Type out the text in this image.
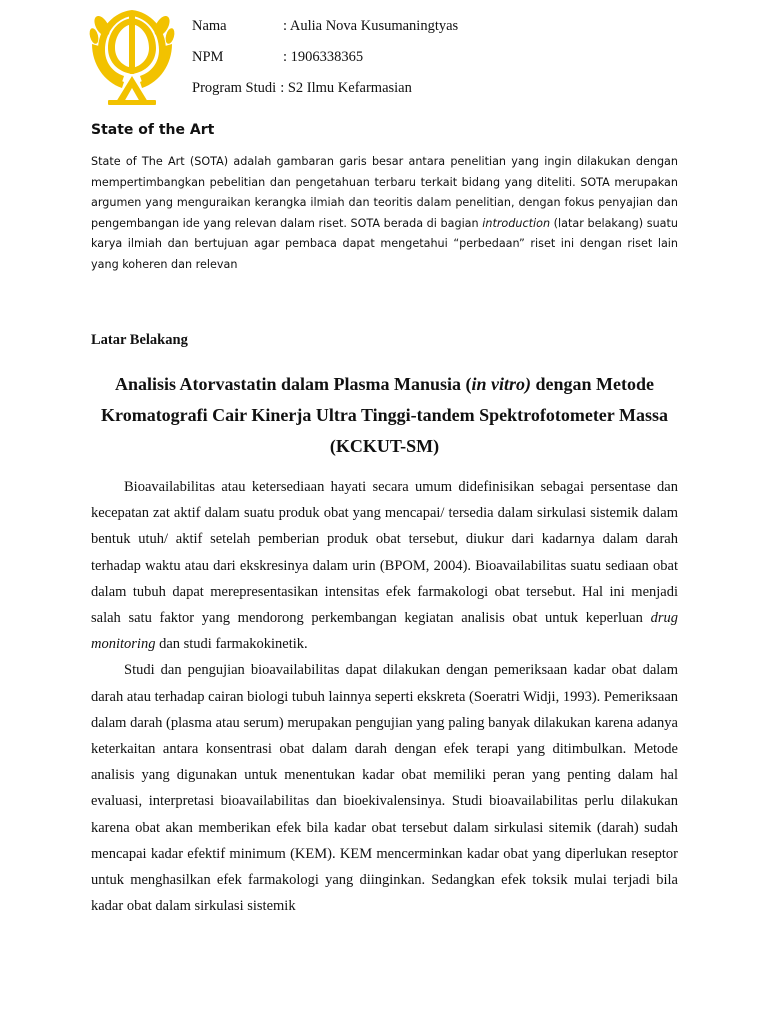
Nama	: Aulia Nova Kusumaningtyas
NPM	: 1906338365
Program Studi : S2 Ilmu Kefarmasian
State of the Art
State of The Art (SOTA) adalah gambaran garis besar antara penelitian yang ingin dilakukan dengan mempertimbangkan pebelitian dan pengetahuan terbaru terkait bidang yang diteliti. SOTA merupakan argumen yang menguraikan kerangka ilmiah dan teoritis dalam penelitian, dengan fokus penyajian dan pengembangan ide yang relevan dalam riset. SOTA berada di bagian introduction (latar belakang) suatu karya ilmiah dan bertujuan agar pembaca dapat mengetahui “perbedaan” riset ini dengan riset lain yang koheren dan relevan
Latar Belakang
Analisis Atorvastatin dalam Plasma Manusia (in vitro) dengan Metode Kromatografi Cair Kinerja Ultra Tinggi-tandem Spektrofotometer Massa (KCKUT-SM)

Bioavailabilitas atau ketersediaan hayati secara umum didefinisikan sebagai persentase dan kecepatan zat aktif dalam suatu produk obat yang mencapai/ tersedia dalam sirkulasi sistemik dalam bentuk utuh/ aktif setelah pemberian produk obat tersebut, diukur dari kadarnya dalam darah terhadap waktu atau dari ekskresinya dalam urin (BPOM, 2004). Bioavailabilitas suatu sediaan obat dalam tubuh dapat merepresentasikan intensitas efek farmakologi obat tersebut. Hal ini menjadi salah satu faktor yang mendorong perkembangan kegiatan analisis obat untuk keperluan drug monitoring dan studi farmakokinetik.

Studi dan pengujian bioavailabilitas dapat dilakukan dengan pemeriksaan kadar obat dalam darah atau terhadap cairan biologi tubuh lainnya seperti ekskreta (Soeratri Widji, 1993). Pemeriksaan dalam darah (plasma atau serum) merupakan pengujian yang paling banyak dilakukan karena adanya keterkaitan antara konsentrasi obat dalam darah dengan efek terapi yang ditimbulkan. Metode analisis yang digunakan untuk menentukan kadar obat memiliki peran yang penting dalam hal evaluasi, interpretasi bioavailabilitas dan bioekivalensinya. Studi bioavailabilitas perlu dilakukan karena obat akan memberikan efek bila kadar obat tersebut dalam sirkulasi sitemik (darah) sudah mencapai kadar efektif minimum (KEM). KEM mencerminkan kadar obat yang diperlukan reseptor untuk menghasilkan efek farmakologi yang diinginkan. Sedangkan efek toksik mulai terjadi bila kadar obat dalam sirkulasi sistemik
